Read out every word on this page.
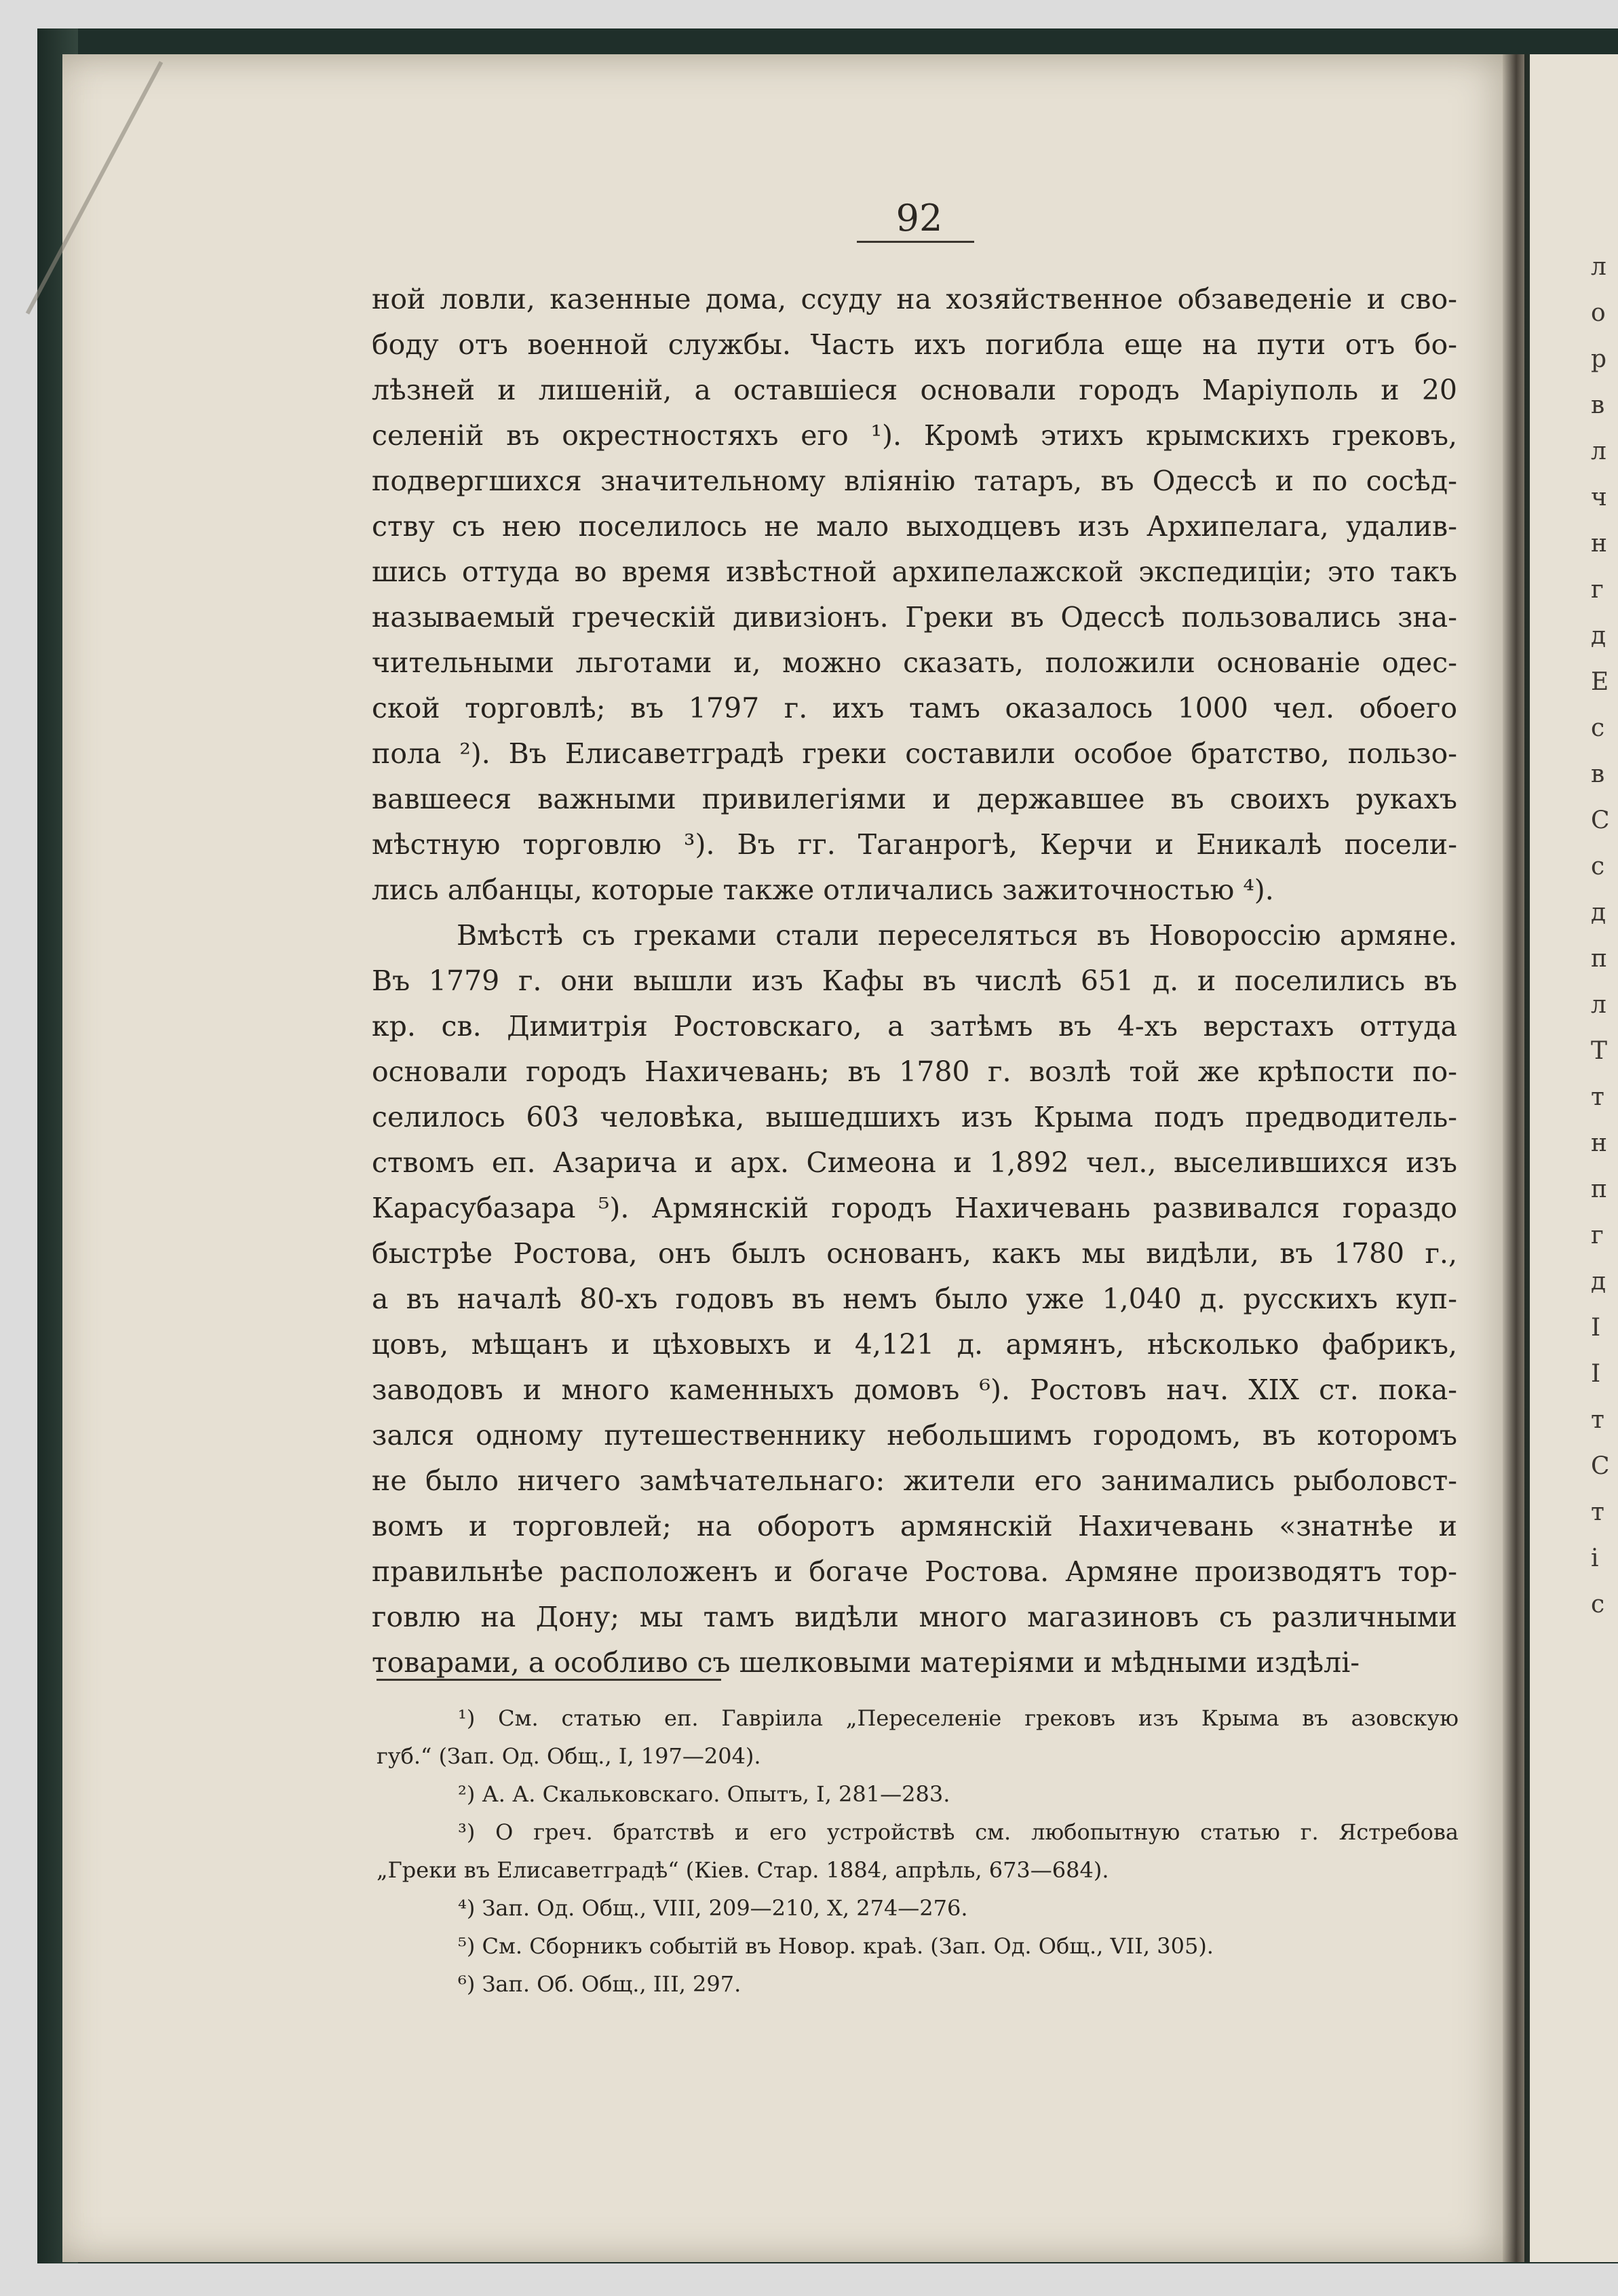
л
о
р
в
л
ч
н
г
д
Е
с
в
С
с
д
п
л
Т
т
н
п
г
д
І
І
т
С
т
і
с
92
ной ловли, казенные дома, ссуду на хозяйственное обзаведеніе и сво-
боду отъ военной службы. Часть ихъ погибла еще на пути отъ бо-
лѣзней и лишеній, а оставшіеся основали городъ Маріуполь и 20
селеній въ окрестностяхъ его ¹). Кромѣ этихъ крымскихъ грековъ,
подвергшихся значительному вліянію татаръ, въ Одессѣ и по сосѣд-
ству съ нею поселилось не мало выходцевъ изъ Архипелага, удалив-
шись оттуда во время извѣстной архипелажской экспедиціи; это такъ
называемый греческій дивизіонъ. Греки въ Одессѣ пользовались зна-
чительными льготами и, можно сказать, положили основаніе одес-
ской торговлѣ; въ 1797 г. ихъ тамъ оказалось 1000 чел. обоего
пола ²). Въ Елисаветградѣ греки составили особое братство, пользо-
вавшееся важными привилегіями и державшее въ своихъ рукахъ
мѣстную торговлю ³). Въ гг. Таганрогѣ, Керчи и Еникалѣ посели-
лись албанцы, которые также отличались зажиточностью ⁴).
Вмѣстѣ съ греками стали переселяться въ Новороссію армяне.
Въ 1779 г. они вышли изъ Кафы въ числѣ 651 д. и поселились въ
кр. св. Димитрія Ростовскаго, а затѣмъ въ 4-хъ верстахъ оттуда
основали городъ Нахичевань; въ 1780 г. возлѣ той же крѣпости по-
селилось 603 человѣка, вышедшихъ изъ Крыма подъ предводитель-
ствомъ еп. Азарича и арх. Симеона и 1,892 чел., выселившихся изъ
Карасубазара ⁵). Армянскій городъ Нахичевань развивался гораздо
быстрѣе Ростова, онъ былъ основанъ, какъ мы видѣли, въ 1780 г.,
а въ началѣ 80-хъ годовъ въ немъ было уже 1,040 д. русскихъ куп-
цовъ, мѣщанъ и цѣховыхъ и 4,121 д. армянъ, нѣсколько фабрикъ,
заводовъ и много каменныхъ домовъ ⁶). Ростовъ нач. XIX ст. пока-
зался одному путешественнику небольшимъ городомъ, въ которомъ
не было ничего замѣчательнаго: жители его занимались рыболовст-
вомъ и торговлей; на оборотъ армянскій Нахичевань «знатнѣе и
правильнѣе расположенъ и богаче Ростова. Армяне производятъ тор-
говлю на Дону; мы тамъ видѣли много магазиновъ съ различными
товарами, а особливо съ шелковыми матеріями и мѣдными издѣлі-
¹) См. статью еп. Гавріила „Переселеніе грековъ изъ Крыма въ азовскую
губ.“ (Зап. Од. Общ., I, 197—204).
²) А. А. Скальковскаго. Опытъ, I, 281—283.
³) О греч. братствѣ и его устройствѣ см. любопытную статью г. Ястребова
„Греки въ Елисаветградѣ“ (Кіев. Стар. 1884, апрѣль, 673—684).
⁴) Зап. Од. Общ., VIII, 209—210, X, 274—276.
⁵) См. Сборникъ событій въ Новор. краѣ. (Зап. Од. Общ., VII, 305).
⁶) Зап. Об. Общ., III, 297.
